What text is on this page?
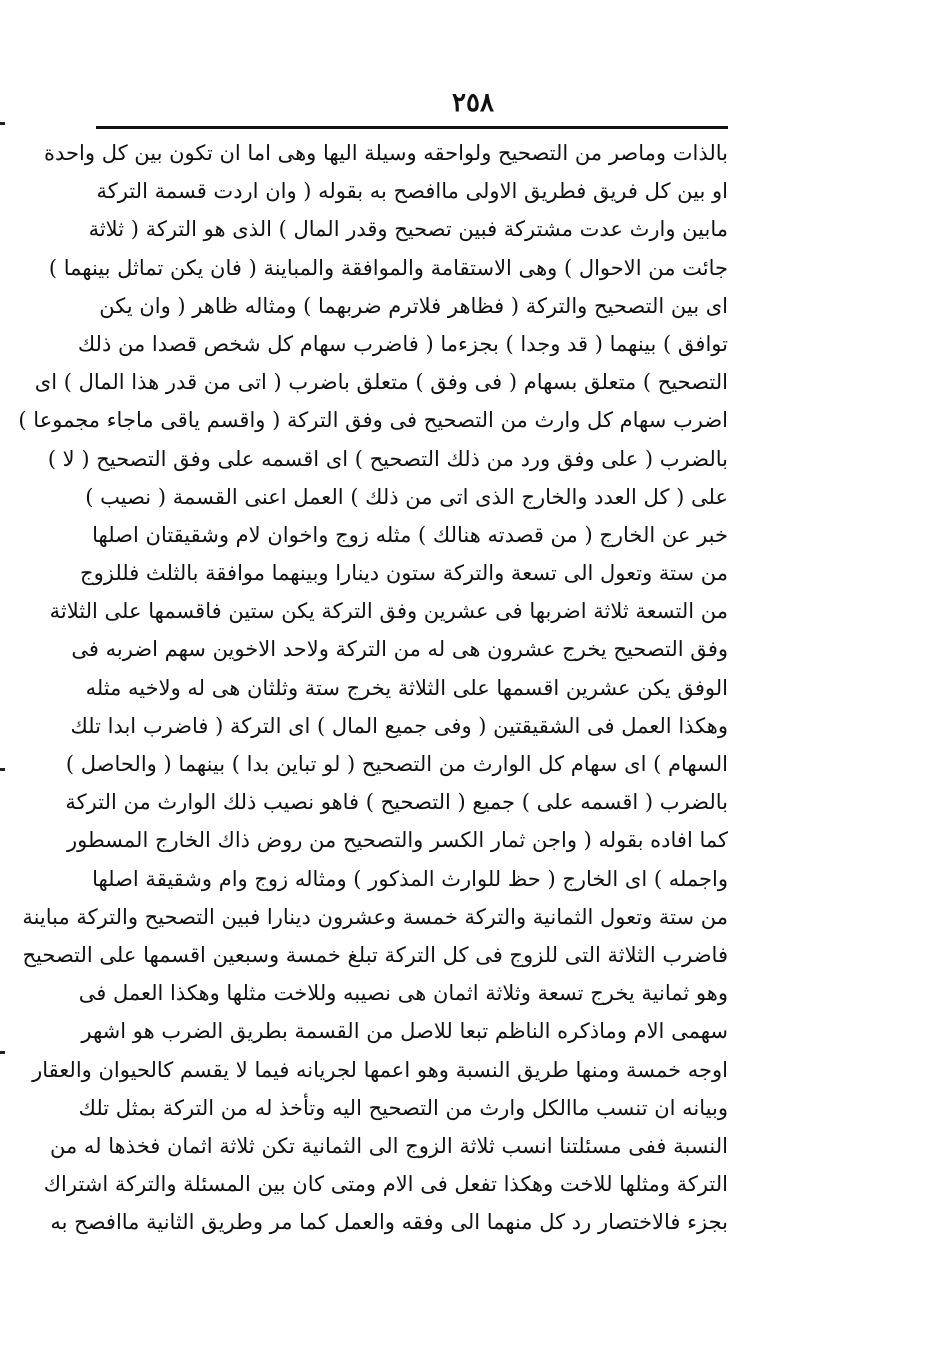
٢٥٨
بالذات وماصر من التصحيح ولواحقه وسيلة اليها وهى اما ان تكون بين كل واحدة
او بين كل فريق فطريق الاولى ماافصح به بقوله ( وان اردت قسمة التركة
مابين وارث عدت مشتركة فبين تصحيح وقدر المال ) الذى هو التركة ( ثلاثة
جائت من الاحوال ) وهى الاستقامة والموافقة والمباينة ( فان يكن تماثل بينهما )
اى بين التصحيح والتركة ( فظاهر فلاترم ضربهما ) ومثاله ظاهر ( وان يكن
توافق ) بينهما ( قد وجدا ) بجزءما ( فاضرب سهام كل شخص قصدا من ذلك
التصحيح ) متعلق بسهام ( فى وفق ) متعلق باضرب ( اتى من قدر هذا المال ) اى
اضرب سهام كل وارث من التصحيح فى وفق التركة ( واقسم ياقى ماجاء مجموعا )
بالضرب ( على وفق ورد من ذلك التصحيح ) اى اقسمه على وفق التصحيح ( لا )
على ( كل العدد والخارج الذى اتى من ذلك ) العمل اعنى القسمة ( نصيب )
خبر عن الخارج ( من قصدته هنالك ) مثله زوج واخوان لام وشقيقتان اصلها
من ستة وتعول الى تسعة والتركة ستون دينارا وبينهما موافقة بالثلث فللزوج
من التسعة ثلاثة اضربها فى عشرين وفق التركة يكن ستين فاقسمها على الثلاثة
وفق التصحيح يخرج عشرون هى له من التركة ولاحد الاخوين سهم اضربه فى
الوفق يكن عشرين اقسمها على الثلاثة يخرج ستة وثلثان هى له ولاخيه مثله
وهكذا العمل فى الشقيقتين ( وفى جميع المال ) اى التركة ( فاضرب ابدا تلك
السهام ) اى سهام كل الوارث من التصحيح ( لو تباين بدا ) بينهما ( والحاصل )
بالضرب ( اقسمه على ) جميع ( التصحيح ) فاهو نصيب ذلك الوارث من التركة
كما افاده بقوله ( واجن ثمار الكسر والتصحيح من روض ذاك الخارج المسطور
واجمله ) اى الخارج ( حظ للوارث المذكور ) ومثاله زوج وام وشقيقة اصلها
من ستة وتعول الثمانية والتركة خمسة وعشرون دينارا فبين التصحيح والتركة مباينة
فاضرب الثلاثة التى للزوج فى كل التركة تبلغ خمسة وسبعين اقسمها على التصحيح
وهو ثمانية يخرج تسعة وثلاثة اثمان هى نصيبه وللاخت مثلها وهكذا العمل فى
سهمى الام وماذكره الناظم تبعا للاصل من القسمة بطريق الضرب هو اشهر
اوجه خمسة ومنها طريق النسبة وهو اعمها لجريانه فيما لا يقسم كالحيوان والعقار
وبيانه ان تنسب ماالكل وارث من التصحيح اليه وتأخذ له من التركة بمثل تلك
النسبة ففى مسئلتنا انسب ثلاثة الزوج الى الثمانية تكن ثلاثة اثمان فخذها له من
التركة ومثلها للاخت وهكذا تفعل فى الام ومتى كان بين المسئلة والتركة اشتراك
بجزء فالاختصار رد كل منهما الى وفقه والعمل كما مر وطريق الثانية ماافصح به
